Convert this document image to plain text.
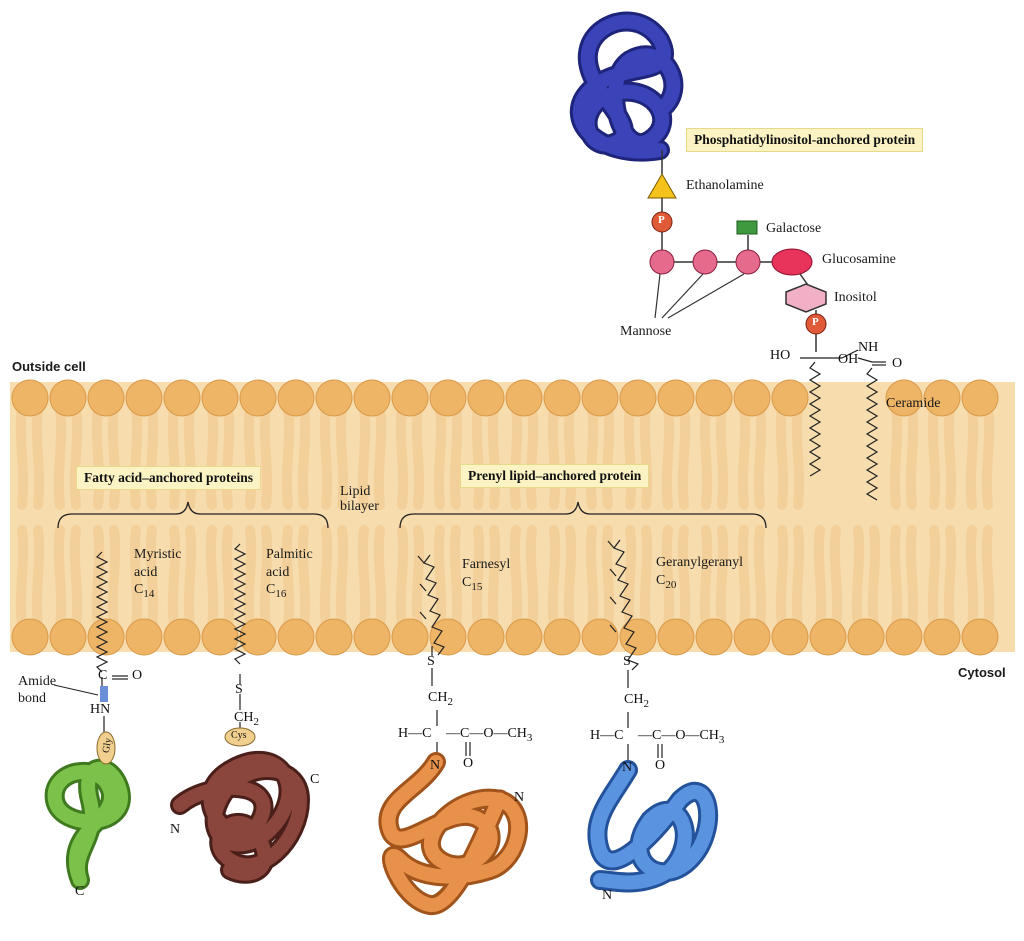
Outside cell
Cytosol
Lipid
bilayer
Phosphatidylinositol-anchored protein
Fatty acid–anchored proteins	Prenyl lipid–anchored protein
Ethanolamine
Galactose
Glucosamine
Inositol
Mannose
Ceramide
Myristic
acid
$C_{14}$
Palmitic
acid
$C_{16}$
Farnesyl
$C_{15}$
Geranylgeranyl
$C_{20}$
Amide
bond
P
P
HO	OH
NH
O
C O
HN
Gly
C
S
$CH_2$
Cys
C
N
S
$CH_2$
H—C $—C—O—CH_3$
O
N
N
S
$CH_2$
H—C $—C—O—CH_3$
O
N
N
